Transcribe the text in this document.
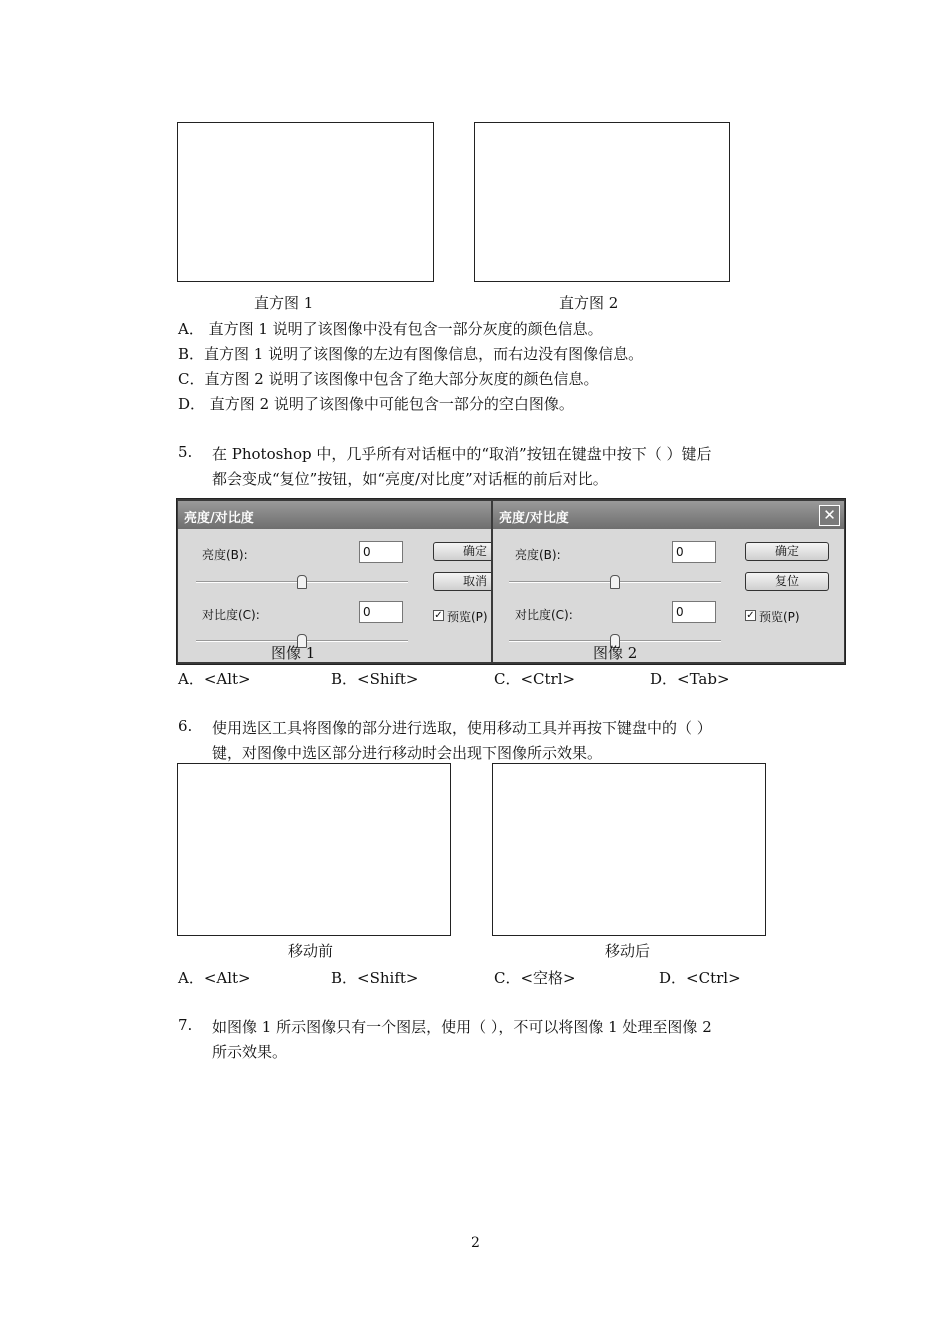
直方图 1	直方图 2
A． 直方图 1 说明了该图像中没有包含一部分灰度的颜色信息。
B．直方图 1 说明了该图像的左边有图像信息，而右边没有图像信息。
C．直方图 2 说明了该图像中包含了绝大部分灰度的颜色信息。
D． 直方图 2 说明了该图像中可能包含一部分的空白图像。
5. 在 Photoshop 中，几乎所有对话框中的“取消”按钮在键盘中按下（ ）键后
都会变成“复位”按钮，如“亮度/对比度”对话框的前后对比。
亮度/对比度
亮度(B):	0	确定
取消
对比度(C):	0	✓ 预览(P)
图像 1
亮度/对比度	✕
亮度(B):	0	确定
复位
对比度(C):	0	✓ 预览(P)
图像 2
A．<Alt>	B．<Shift>	C．<Ctrl>	D．<Tab>
6. 使用选区工具将图像的部分进行选取，使用移动工具并再按下键盘中的（ ）
键，对图像中选区部分进行移动时会出现下图像所示效果。
移动前	移动后
A．<Alt>	B．<Shift>	C．<空格>	D．<Ctrl>
7. 如图像 1 所示图像只有一个图层，使用（ ），不可以将图像 1 处理至图像 2
所示效果。
2
